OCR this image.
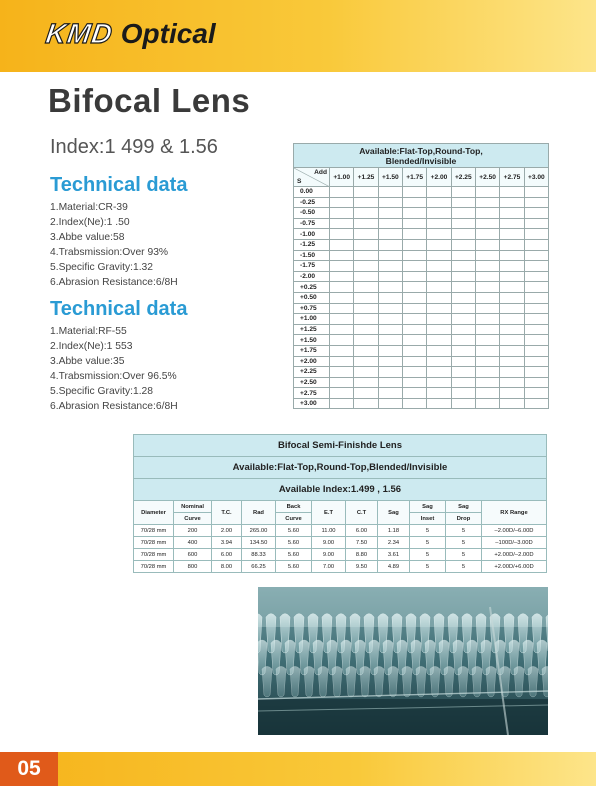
KMD Optical
Bifocal Lens
Index:1 499 & 1.56
Technical data
1.Material:CR-39
2.Index(Ne):1 .50
3.Abbe value:58
4.Trabsmission:Over 93%
5.Specific Gravity:1.32
6.Abrasion Resistance:6/8H
Technical data
1.Material:RF-55
2.Index(Ne):1 553
3.Abbe value:35
4.Trabsmission:Over 96.5%
5.Specific Gravity:1.28
6.Abrasion Resistance:6/8H
Available:Flat-Top,Round-Top,
Blended/Invisible									

Add
S	+1.00	+1.25	+1.50	+1.75	+2.00	+2.25	+2.50	+2.75	+3.00
0.00									
-0.25									
-0.50									
-0.75									
-1.00									
-1.25									
-1.50									
-1.75									
-2.00									
+0.25									
+0.50									
+0.75									
+1.00									
+1.25									
+1.50									
+1.75									
+2.00									
+2.25									
+2.50									
+2.75									
+3.00									
Bifocal Semi-Finishde Lens										
Available:Flat-Top,Round-Top,Blended/Invisible										
Available Index:1.499 , 1.56										
Diameter	Nominal	T.C.	Rad	Back	E.T	C.T	Sag	Sag	Sag	RX Range
	Curve			Curve				Inset	Drop	
70/28 mm	200	2.00	265.00	5.60	11.00	6.00	1.18	5	5	–2.00D/–6.00D
70/28 mm	400	3.94	134.50	5.60	9.00	7.50	2.34	5	5	–100D/–3.00D
70/28 mm	600	6.00	88.33	5.60	9.00	8.80	3.61	5	5	+2.00D/–2.00D
70/28 mm	800	8.00	66.25	5.60	7.00	9.50	4.89	5	5	+2.00D/+6.00D
05
